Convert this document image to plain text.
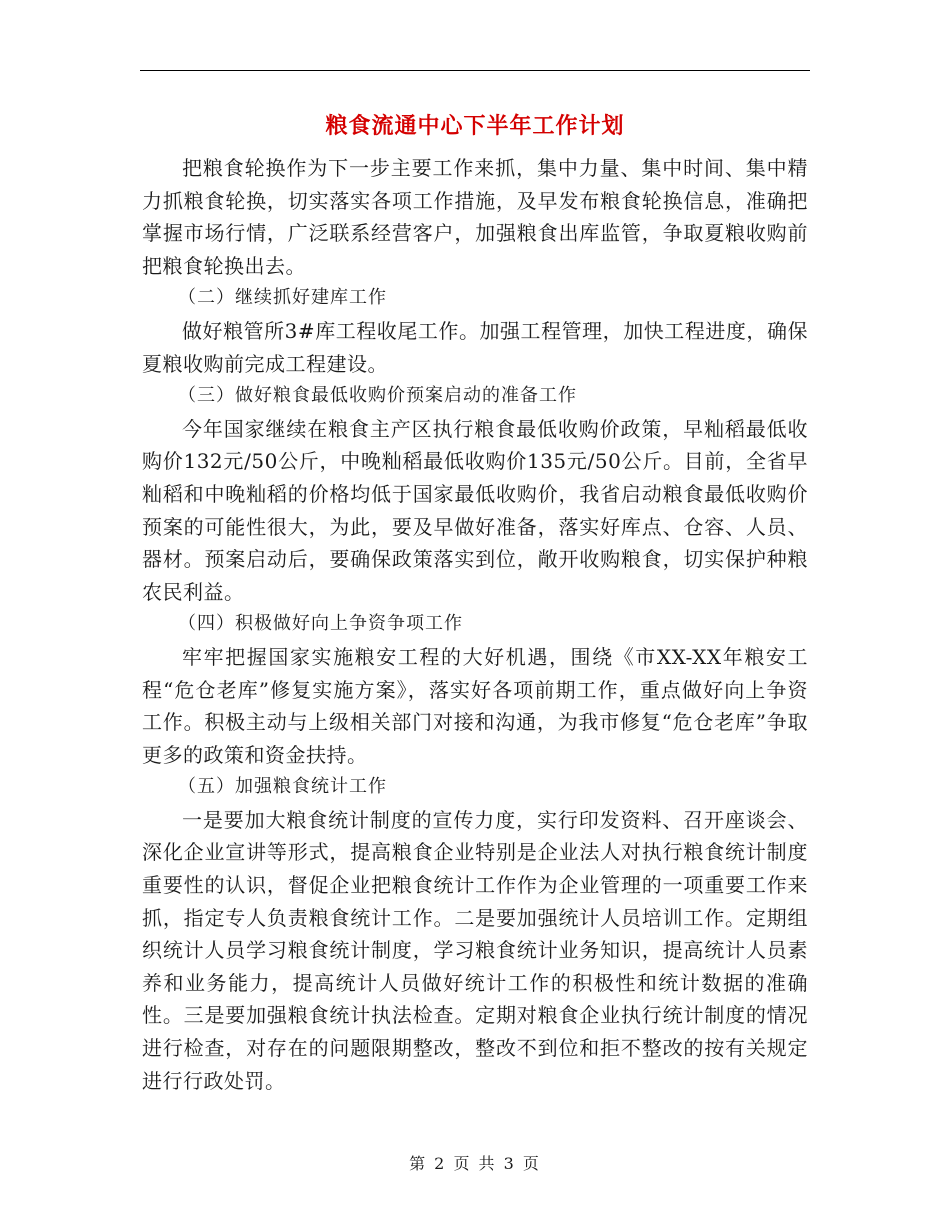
粮食流通中心下半年工作计划

把粮食轮换作为下一步主要工作来抓，集中力量、集中时间、集中精力抓粮食轮换，切实落实各项工作措施，及早发布粮食轮换信息，准确把掌握市场行情，广泛联系经营客户，加强粮食出库监管，争取夏粮收购前把粮食轮换出去。

（二）继续抓好建库工作

做好粮管所3#库工程收尾工作。加强工程管理，加快工程进度，确保夏粮收购前完成工程建设。

（三）做好粮食最低收购价预案启动的准备工作

今年国家继续在粮食主产区执行粮食最低收购价政策，早籼稻最低收购价132元/50公斤，中晚籼稻最低收购价135元/50公斤。目前，全省早籼稻和中晚籼稻的价格均低于国家最低收购价，我省启动粮食最低收购价预案的可能性很大，为此，要及早做好准备，落实好库点、仓容、人员、器材。预案启动后，要确保政策落实到位，敞开收购粮食，切实保护种粮农民利益。

（四）积极做好向上争资争项工作

牢牢把握国家实施粮安工程的大好机遇，围绕《市XX-XX年粮安工程“危仓老库”修复实施方案》，落实好各项前期工作，重点做好向上争资工作。积极主动与上级相关部门对接和沟通，为我市修复“危仓老库”争取更多的政策和资金扶持。

（五）加强粮食统计工作

一是要加大粮食统计制度的宣传力度，实行印发资料、召开座谈会、深化企业宣讲等形式，提高粮食企业特别是企业法人对执行粮食统计制度重要性的认识，督促企业把粮食统计工作作为企业管理的一项重要工作来抓，指定专人负责粮食统计工作。二是要加强统计人员培训工作。定期组织统计人员学习粮食统计制度，学习粮食统计业务知识，提高统计人员素养和业务能力，提高统计人员做好统计工作的积极性和统计数据的准确性。三是要加强粮食统计执法检查。定期对粮食企业执行统计制度的情况进行检查，对存在的问题限期整改，整改不到位和拒不整改的按有关规定进行行政处罚。

第 2 页 共 3 页
